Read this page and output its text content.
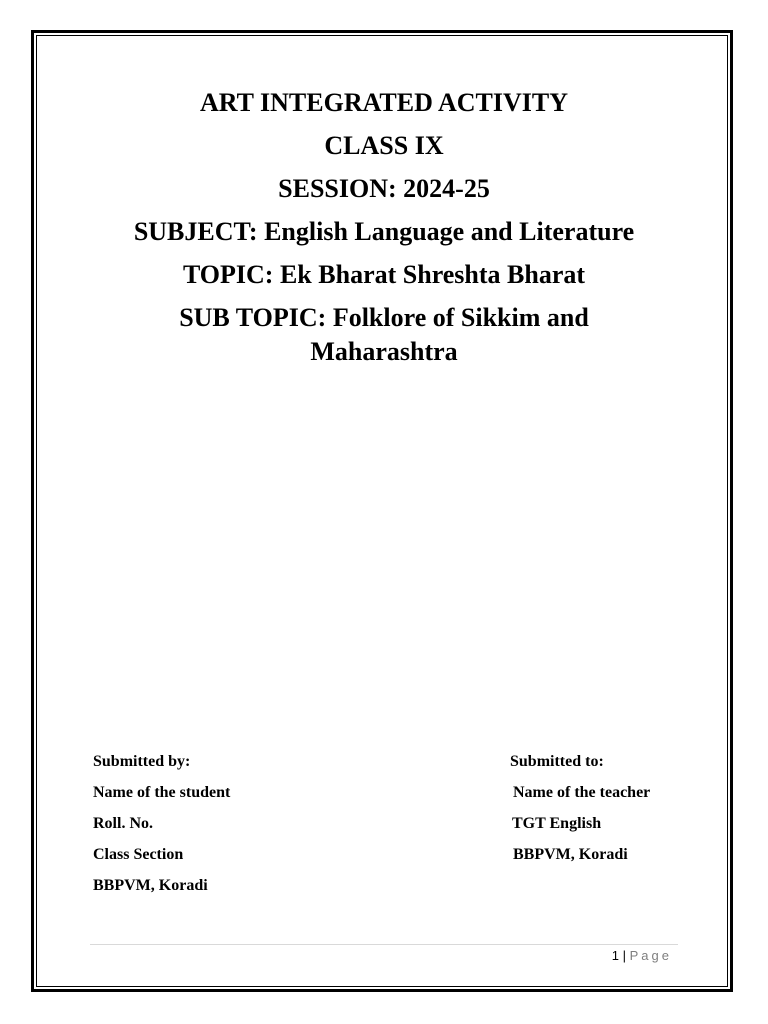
ART INTEGRATED ACTIVITY
CLASS IX
SESSION: 2024-25
SUBJECT: English Language and Literature
TOPIC: Ek Bharat Shreshta Bharat
SUB TOPIC: Folklore of Sikkim and Maharashtra
Submitted by:
Name of the student
Roll. No.
Class Section
BBPVM, Koradi
Submitted to:
Name of the teacher
TGT English
BBPVM, Koradi
1 | Page
